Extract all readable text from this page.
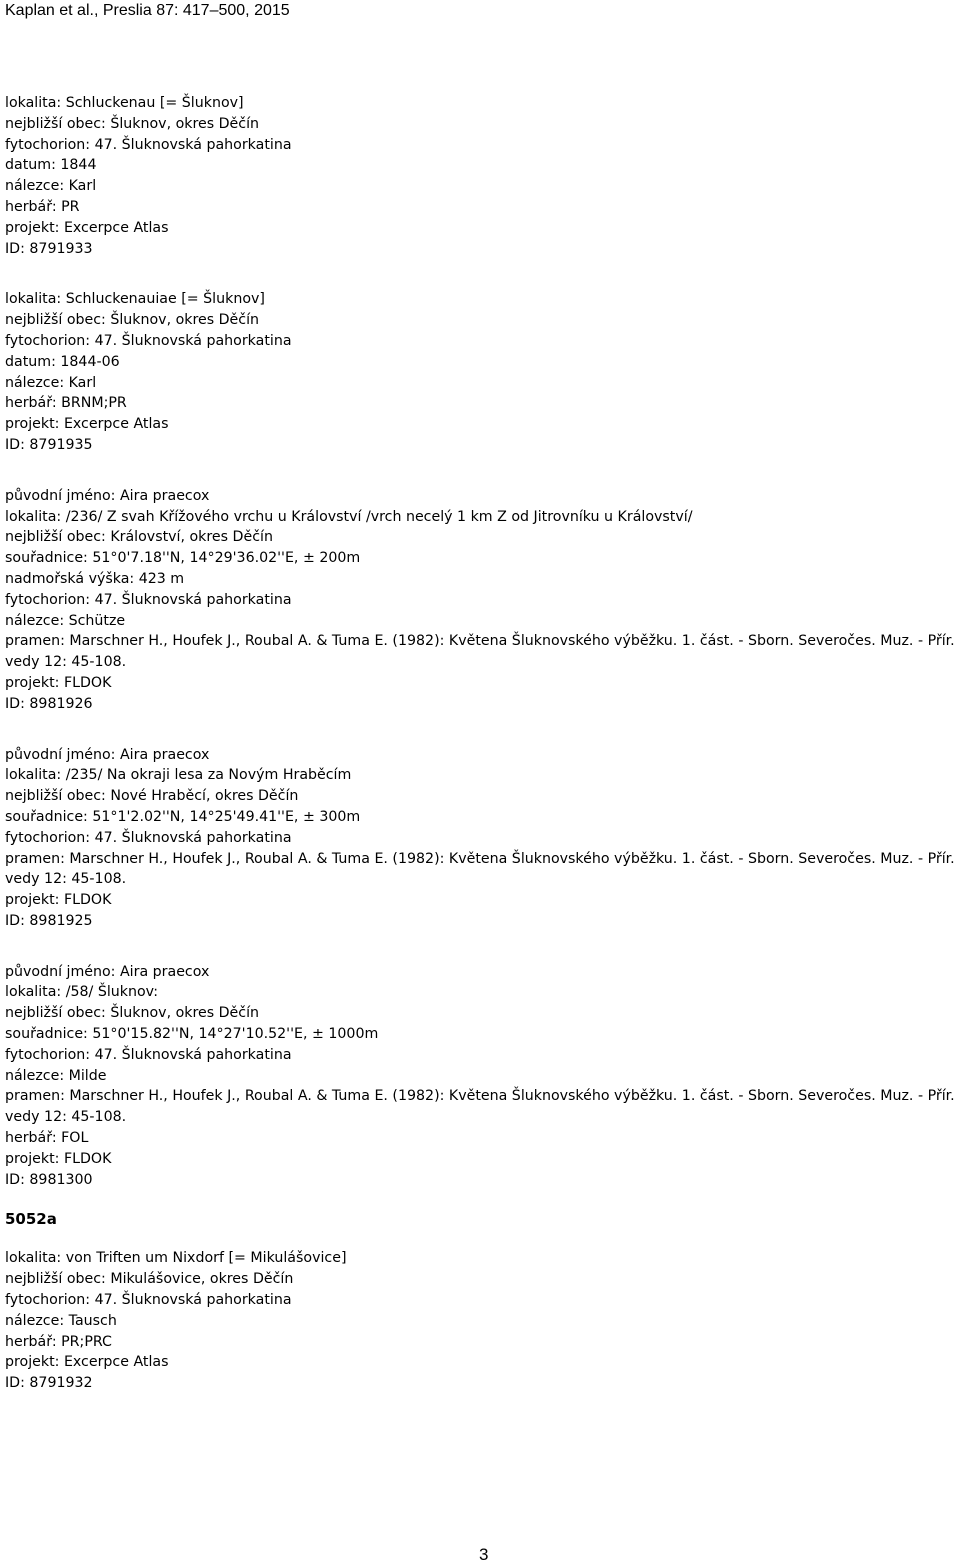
Kaplan et al., Preslia 87: 417–500, 2015
lokalita: Schluckenau [= Šluknov]
nejbližší obec: Šluknov, okres Děčín
fytochorion: 47. Šluknovská pahorkatina
datum: 1844
nálezce: Karl
herbář: PR
projekt: Excerpce Atlas
ID: 8791933
lokalita: Schluckenauiae [= Šluknov]
nejbližší obec: Šluknov, okres Děčín
fytochorion: 47. Šluknovská pahorkatina
datum: 1844-06
nálezce: Karl
herbář: BRNM;PR
projekt: Excerpce Atlas
ID: 8791935
původní jméno: Aira praecox
lokalita: /236/ Z svah Křížového vrchu u Království /vrch necelý 1 km Z od Jitrovníku u Království/
nejbližší obec: Království, okres Děčín
souřadnice: 51°0'7.18''N, 14°29'36.02''E, ± 200m
nadmořská výška: 423 m
fytochorion: 47. Šluknovská pahorkatina
nálezce: Schütze
pramen: Marschner H., Houfek J., Roubal A. & Tuma E. (1982): Květena Šluknovského výběžku. 1. část. - Sborn. Severočes. Muz. - Přír.
vedy 12: 45-108.
projekt: FLDOK
ID: 8981926
původní jméno: Aira praecox
lokalita: /235/ Na okraji lesa za Novým Hraběcím
nejbližší obec: Nové Hraběcí, okres Děčín
souřadnice: 51°1'2.02''N, 14°25'49.41''E, ± 300m
fytochorion: 47. Šluknovská pahorkatina
pramen: Marschner H., Houfek J., Roubal A. & Tuma E. (1982): Květena Šluknovského výběžku. 1. část. - Sborn. Severočes. Muz. - Přír.
vedy 12: 45-108.
projekt: FLDOK
ID: 8981925
původní jméno: Aira praecox
lokalita: /58/ Šluknov:
nejbližší obec: Šluknov, okres Děčín
souřadnice: 51°0'15.82''N, 14°27'10.52''E, ± 1000m
fytochorion: 47. Šluknovská pahorkatina
nálezce: Milde
pramen: Marschner H., Houfek J., Roubal A. & Tuma E. (1982): Květena Šluknovského výběžku. 1. část. - Sborn. Severočes. Muz. - Přír.
vedy 12: 45-108.
herbář: FOL
projekt: FLDOK
ID: 8981300
5052a
lokalita: von Triften um Nixdorf [= Mikulášovice]
nejbližší obec: Mikulášovice, okres Děčín
fytochorion: 47. Šluknovská pahorkatina
nálezce: Tausch
herbář: PR;PRC
projekt: Excerpce Atlas
ID: 8791932
3
